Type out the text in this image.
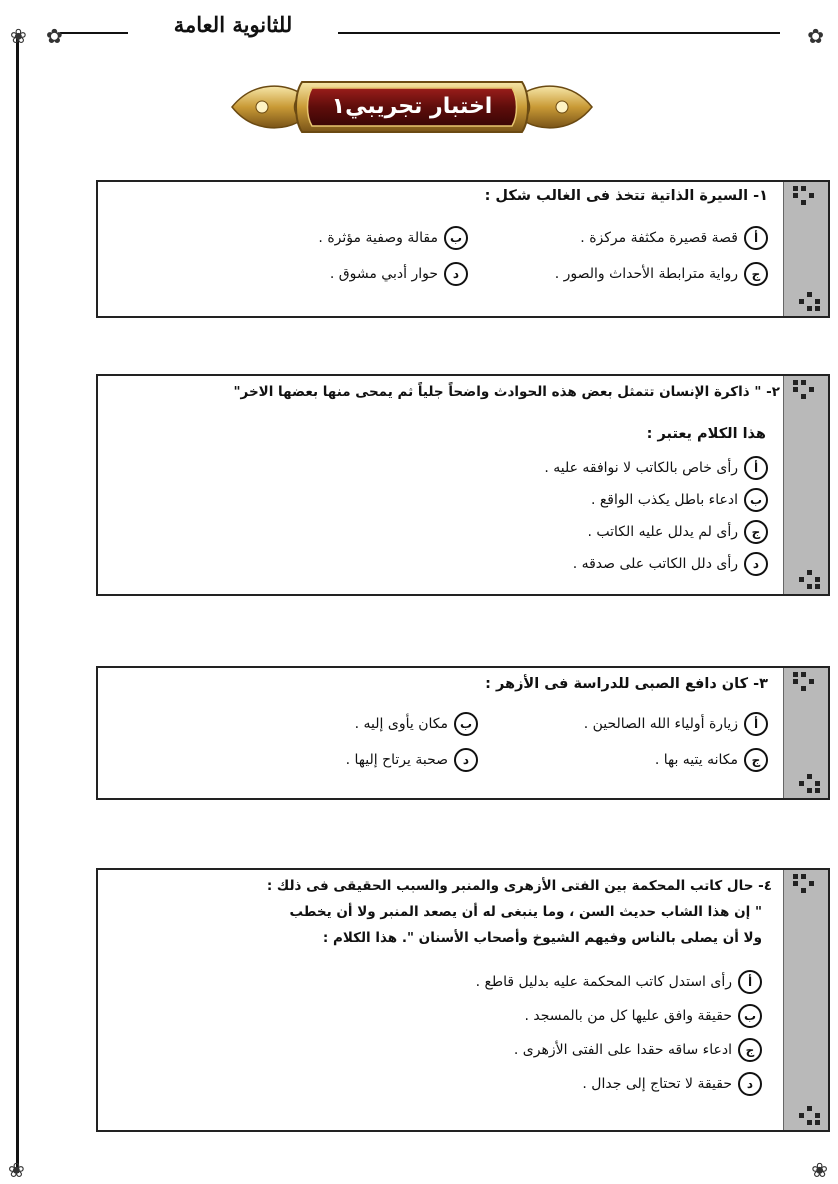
❀ ✿	✿
❀	❀
للثانوية العامة
اختبار تجريبي١
١- السيرة الذاتية تتخذ فى الغالب شكل :
أقصة قصيرة مكثفة مركزة .
بمقالة وصفية مؤثرة .
جرواية مترابطة الأحداث والصور .
دحوار أدبي مشوق .
٢- " ذاكرة الإنسان تتمثل بعض هذه الحوادث واضحاً جلياً ثم يمحى منها بعضها الاخر"
هذا الكلام يعتبر :
أرأى خاص بالكاتب لا نوافقه عليه .
بادعاء باطل يكذب الواقع .
جرأى لم يدلل عليه الكاتب .
درأى دلل الكاتب على صدقه .
٣- كان دافع الصبى للدراسة فى الأزهر :
أزيارة أولياء الله الصالحين .
بمكان يأوى إليه .
جمكانه يتيه بها .
دصحبة يرتاح إليها .
٤- حال كاتب المحكمة بين الفتى الأزهرى والمنبر والسبب الحقيقى فى ذلك :
" إن هذا الشاب حديث السن ، وما ينبغى له أن يصعد المنبر ولا أن يخطب
ولا أن يصلى بالناس وفيهم الشيوخ وأصحاب الأسنان ". هذا الكلام :
أرأى استدل كاتب المحكمة عليه بدليل قاطع .
بحقيقة وافق عليها كل من بالمسجد .
جادعاء ساقه حقدا على الفتى الأزهرى .
دحقيقة لا تحتاج إلى جدال .
